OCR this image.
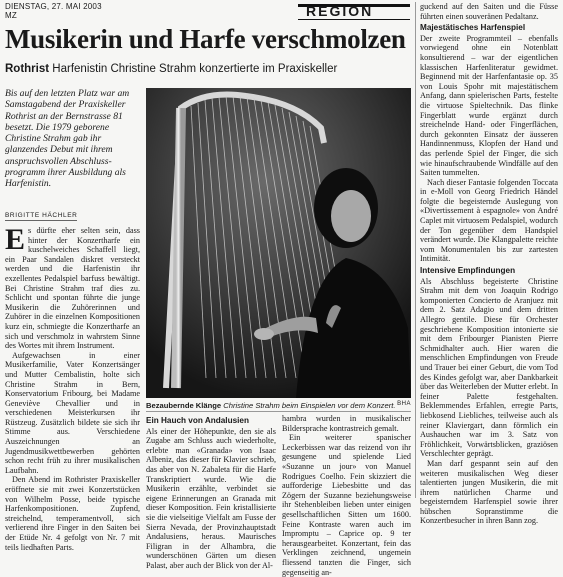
DIENSTAG, 27. MAI 2003
MZ	REGION
Musikerin und Harfe verschmolzen
Rothrist Harfenistin Christine Strahm konzertierte im Praxiskeller
Bis auf den letzten Platz war am Samstagabend der Praxiskeller Rothrist an der Bernstrasse 81 besetzt. Die 1979 geborene Christine Strahm gab ihr glanzendes Debut mit ihrem anspruchsvollen Abschluss-programm ihrer Ausbildung als Harfenistin.
BRIGITTE HÄCHLER

Es dürfte eher selten sein, dass hinter der Konzertharfe ein kuschelweiches Schaffell liegt, ein Paar Sandalen diskret versteckt werden und die Harfenistin ihr exzellentes Pedalspiel barfuss bewältigt. Bei Christine Strahm traf dies zu. Schlicht und spontan führte die junge Musikerin die Zuhörerinnen und Zuhörer in die einzelnen Kompositionen kurz ein, schmiegte die Konzertharfe an sich und verschmolz in wahrstem Sinne des Wortes mit ihrem Instrument.

Aufgewachsen in einer Musikerfamilie, Vater Konzertsänger und Mutter Cembalistin, holte sich Christine Strahm in Bern, Konservatorium Fribourg, bei Madame Geneviève Chevallier und in verschiedenen Meisterkursen ihr Rüstzeug. Zusätzlich bildete sie sich ihr Stimme aus. Verschiedene Auszeichnungen an Jugendmusikwettbewerben gehörten schon recht früh zu ihrer musikalischen Laufbahn.

Den Abend im Rothrister Praxiskeller eröffnete sie mit zwei Konzertstücken von Wilhelm Posse, beide typische Harfenkompositionen. Zupfend, streichelnd, temperamentvoll, sich verlierend ihre Finger in den Saiten bei der Etüde Nr. 4 gefolgt von Nr. 7 mit teils liedhaften Parts.

Bezaubernde Klänge Christine Strahm beim Einspielen vor dem Konzert. BHA
Ein Hauch von Andalusien

Als einer der Höhepunkte, den sie als Zugabe am Schluss auch wiederholte, erlebte man «Granada» von Isaac Albeniz, das dieser für Klavier schrieb, das aber von N. Zabaleta für die Harfe Transkriptiert wurde. Wie die Musikerin erzählte, verbindet sie eigene Erinnerungen an Granada mit dieser Komposition. Fein kristallisierte sie die vielseitige Vielfalt am Fusse der Sierra Nevada, der Provinzhauptstadt Andalusiens, heraus. Maurisches Filigran in der Alhambra, die wunderschönen Gärten um diesen Palast, aber auch der Blick von der Al-

hambra wurden in musikalischer Bildersprache kontrastreich gemalt.

Ein weiterer spanischer Leckerbissen war das reizend von ihr gesungene und spielende Lied «Suzanne un jour» von Manuel Rodrigues Coelho. Fein skizziert die aufforderige Liebesbitte und das Zögern der Suzanne beziehungsweise ihr Stehenbleiben lieben unter einigen gesellschaftlichen Sitten um 1600. Feine Kontraste waren auch im Impromptu – Caprice op. 9 ter herausgearbeitet. Konzertant, fein das Verklingen zeichnend, ungemein fliessend tanzten die Finger, sich gegenseitig an-

guckend auf den Saiten und die Füsse führten einen souveränen Pedaltanz.

Majestätisches Harfenspiel

Der zweite Programmteil – ebenfalls vorwiegend ohne ein Notenblatt konsultierend – war der eigentlichen klassischen Harfenliteratur gewidmet. Beginnend mit der Harfenfantasie op. 35 von Louis Spohr mit majestätischem Anfang, dann spielerischen Parts, festelte die virtuose Spieltechnik. Das flinke Fingerblatt wurde ergänzt durch streichelnde Hand- oder Fingerflächen, durch gekonnten Einsatz der äusseren Handinnenmuss, Klopfen der Hand und das perlende Spiel der Finger, die sich wie hinaufschraubende Windfälle auf den Saiten tummelten.

Nach dieser Fantasie folgenden Toccata in e-Moll von Georg Friedrich Händel folgte die begeisternde Auslegung von «Divertissement à espagnole» von André Caplet mit virtuosem Pedalspiel, wodurch der Ton gegenüber dem Handspiel verändert wurde. Die Klangpalette reichte vom Monumentalen bis zur zartesten Intimität.

Intensive Empfindungen

Als Abschluss begeisterte Christine Strahm mit dem von Joaquin Rodrigo komponierten Concierto de Aranjuez mit dem 2. Satz Adagio und dem dritten Allegro gentile. Diese für Orchester geschriebene Komposition intonierte sie mit dem Fribourger Pianisten Pierre Schmidhalter auch. Hier waren die menschlichen Empfindungen von Freude und Trauer bei einer Geburt, die vom Tod des Kindes gefolgt war, aber Dankbarkeit über das Weiterleben der Mutter erlebt. In feiner Palette festgehalten. Beklemmendes Erfahlen, erregte Parts, liebkosend Liebliches, teilweise auch als reiner Klaviergart, dann förmlich ein Aushauchen war im 3. Satz von Fröhlichkeit, Vorwärtsblicken, graziösen Verschlechter geprägt.

Man darf gespannt sein auf den weiteren musikalischen Weg dieser talentierten jungen Musikerin, die mit ihrem natürlichen Charme und begeisterndem Harfenspiel sowie ihrer hübschen Sopranstimme die Konzertbesucher in ihren Bann zog.
